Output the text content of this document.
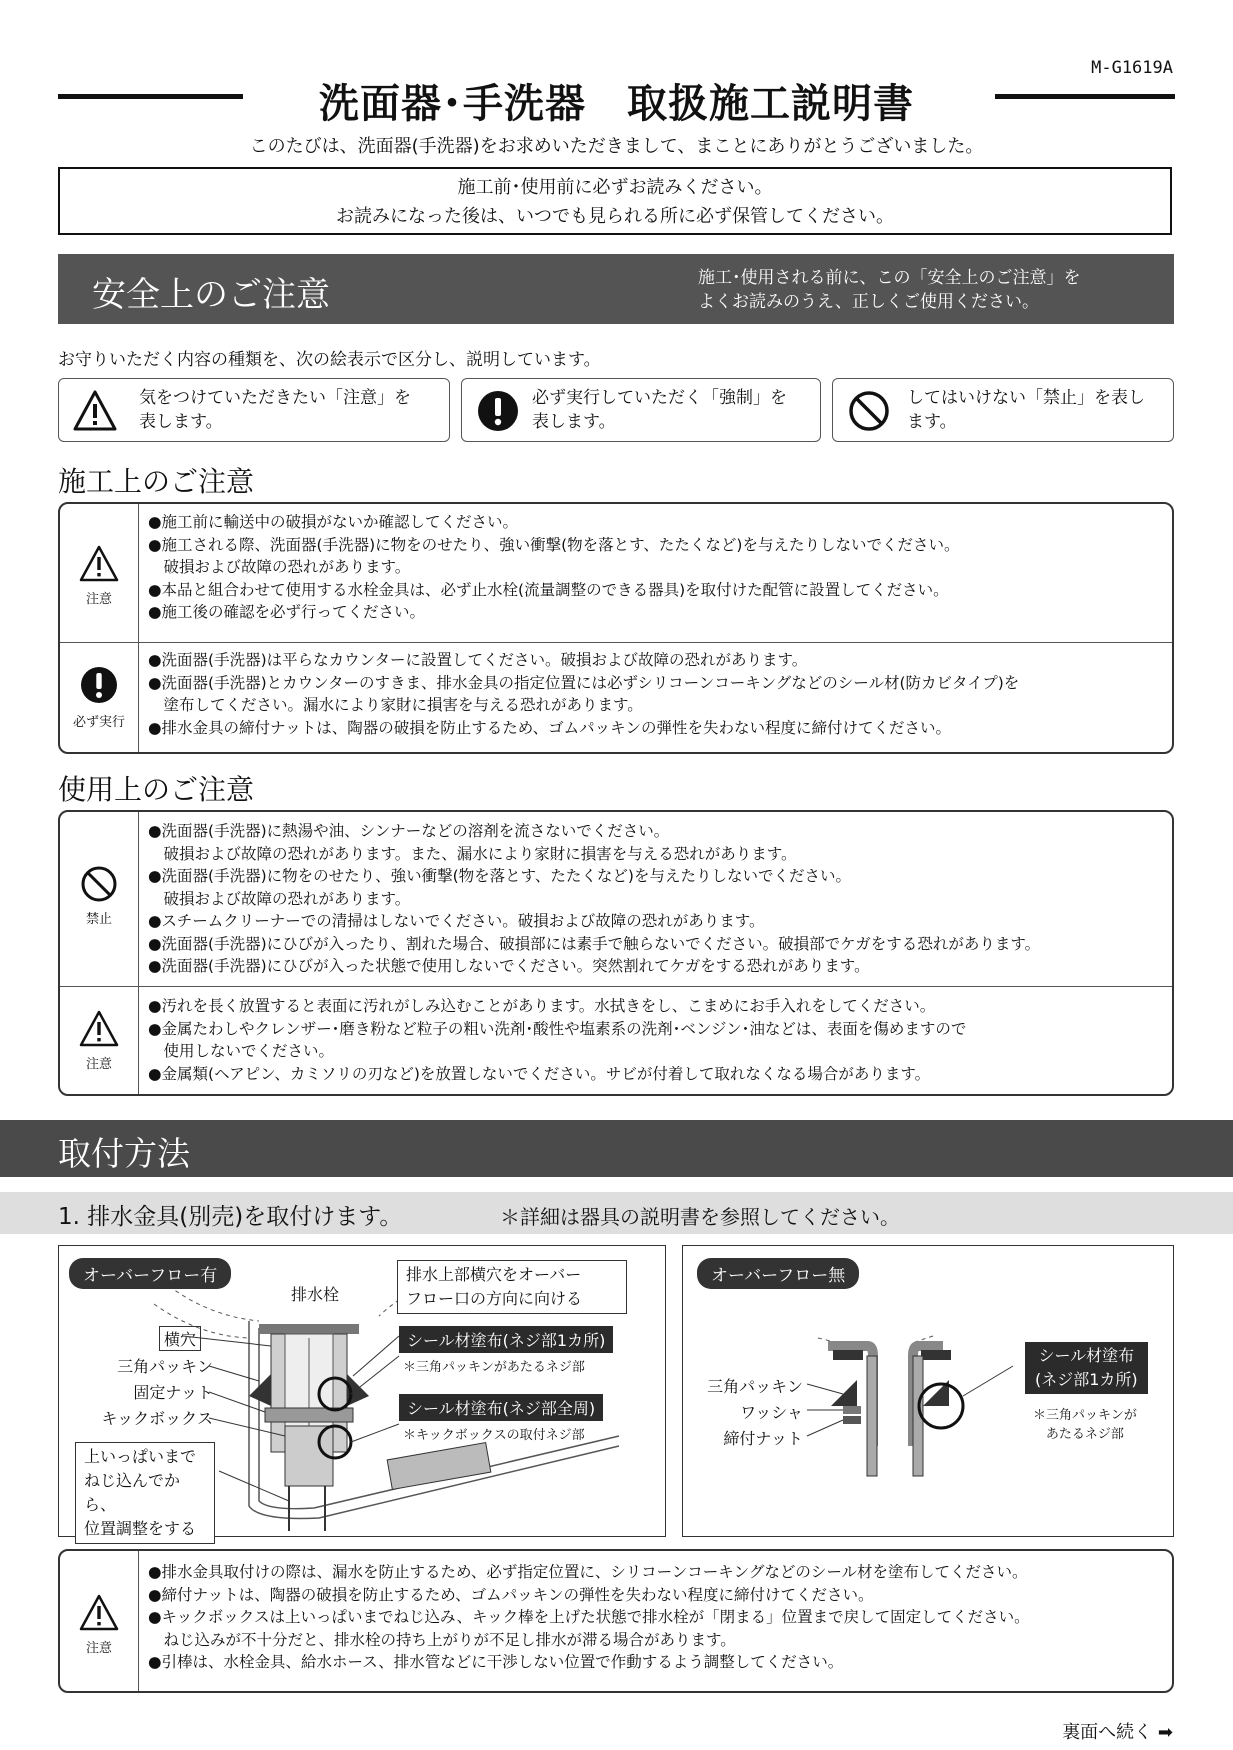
M-G1619A
洗面器･手洗器　取扱施工説明書
このたびは、洗面器(手洗器)をお求めいただきまして、まことにありがとうございました。
施工前･使用前に必ずお読みください。
お読みになった後は、いつでも見られる所に必ず保管してください。
安全上のご注意	施工･使用される前に、この「安全上のご注意」を
よくお読みのうえ、正しくご使用ください。
お守りいただく内容の種類を、次の絵表示で区分し、説明しています。
気をつけていただきたい「注意」を
表します。
必ず実行していただく「強制」を
表します。
してはいけない「禁止」を表し
ます。
施工上のご注意
注意
●施工前に輸送中の破損がないか確認してください。
●施工される際、洗面器(手洗器)に物をのせたり、強い衝撃(物を落とす、たたくなど)を与えたりしないでください。
　破損および故障の恐れがあります。
●本品と組合わせて使用する水栓金具は、必ず止水栓(流量調整のできる器具)を取付けた配管に設置してください。
●施工後の確認を必ず行ってください。
必ず実行
●洗面器(手洗器)は平らなカウンターに設置してください。破損および故障の恐れがあります。
●洗面器(手洗器)とカウンターのすきま、排水金具の指定位置には必ずシリコーンコーキングなどのシール材(防カビタイプ)を
　塗布してください。漏水により家財に損害を与える恐れがあります。
●排水金具の締付ナットは、陶器の破損を防止するため、ゴムパッキンの弾性を失わない程度に締付けてください。
使用上のご注意
禁止
●洗面器(手洗器)に熱湯や油、シンナーなどの溶剤を流さないでください。
　破損および故障の恐れがあります。また、漏水により家財に損害を与える恐れがあります。
●洗面器(手洗器)に物をのせたり、強い衝撃(物を落とす、たたくなど)を与えたりしないでください。
　破損および故障の恐れがあります。
●スチームクリーナーでの清掃はしないでください。破損および故障の恐れがあります。
●洗面器(手洗器)にひびが入ったり、割れた場合、破損部には素手で触らないでください。破損部でケガをする恐れがあります。
●洗面器(手洗器)にひびが入った状態で使用しないでください。突然割れてケガをする恐れがあります。
注意
●汚れを長く放置すると表面に汚れがしみ込むことがあります。水拭きをし、こまめにお手入れをしてください。
●金属たわしやクレンザー･磨き粉など粒子の粗い洗剤･酸性や塩素系の洗剤･ベンジン･油などは、表面を傷めますので
　使用しないでください。
●金属類(ヘアピン、カミソリの刃など)を放置しないでください。サビが付着して取れなくなる場合があります。
取付方法
1. 排水金具(別売)を取付けます。	＊詳細は器具の説明書を参照してください。
オーバーフロー有
排水栓
排水上部横穴をオーバー
フロー口の方向に向ける
横穴
三角パッキン
固定ナット
キックボックス
上いっぱいまで
ねじ込んでから、
位置調整をする
シール材塗布(ネジ部1カ所)
＊三角パッキンがあたるネジ部
シール材塗布(ネジ部全周)
＊キックボックスの取付ネジ部
オーバーフロー無
三角パッキン
ワッシャ
締付ナット
シール材塗布
(ネジ部1カ所)
＊三角パッキンが
あたるネジ部
注意
●排水金具取付けの際は、漏水を防止するため、必ず指定位置に、シリコーンコーキングなどのシール材を塗布してください。
●締付ナットは、陶器の破損を防止するため、ゴムパッキンの弾性を失わない程度に締付けてください。
●キックボックスは上いっぱいまでねじ込み、キック棒を上げた状態で排水栓が「閉まる」位置まで戻して固定してください。
　ねじ込みが不十分だと、排水栓の持ち上がりが不足し排水が滞る場合があります。
●引棒は、水栓金具、給水ホース、排水管などに干渉しない位置で作動するよう調整してください。
裏面へ続く ➡
